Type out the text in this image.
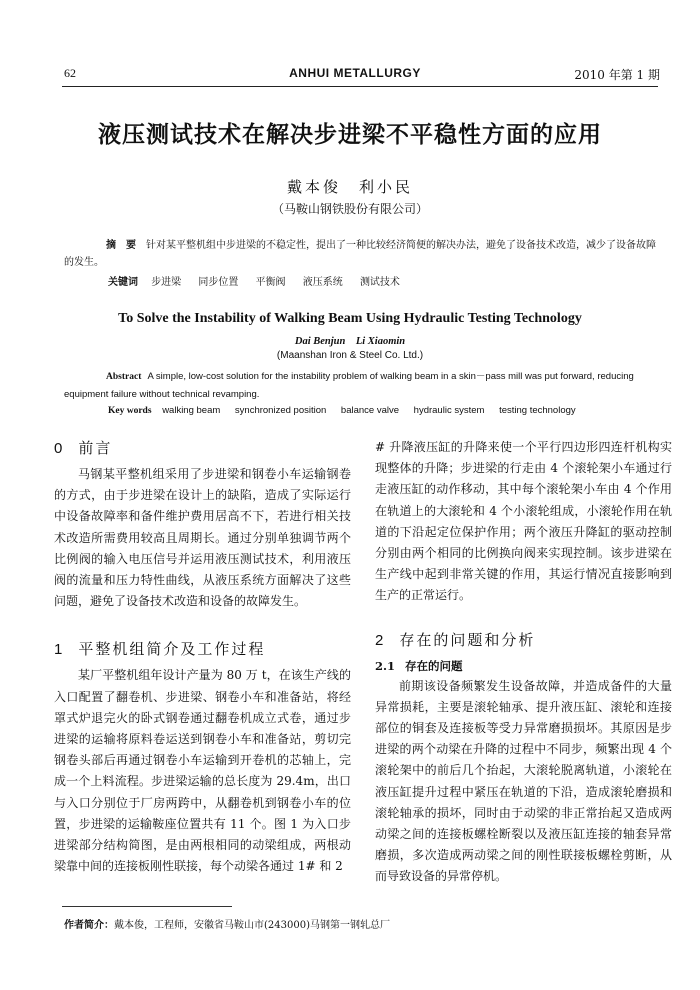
62	ANHUI METALLURGY	2010 年第 1 期
液压测试技术在解决步进梁不平稳性方面的应用
戴本俊　利小民
（马鞍山钢铁股份有限公司）
摘　要 针对某平整机组中步进梁的不稳定性，提出了一种比较经济简便的解决办法，避免了设备技术改造，减少了设备故障的发生。
关键词 步进梁 同步位置 平衡阀 液压系统 测试技术
To Solve the Instability of Walking Beam Using Hydraulic Testing Technology
Dai Benjun　Li Xiaomin
(Maanshan Iron & Steel Co. Ltd.)
Abstract A simple, low-cost solution for the instability problem of walking beam in a skin－pass mill was put forward, reducing equipment failure without technical revamping.
Key words walking beam synchronized position balance valve hydraulic system testing technology
0 前言

马钢某平整机组采用了步进梁和钢卷小车运输钢卷的方式，由于步进梁在设计上的缺陷，造成了实际运行中设备故障率和备件维护费用居高不下，若进行相关技术改造所需费用较高且周期长。通过分别单独调节两个比例阀的输入电压信号并运用液压测试技术，利用液压阀的流量和压力特性曲线，从液压系统方面解决了这些问题，避免了设备技术改造和设备的故障发生。

1 平整机组简介及工作过程

某厂平整机组年设计产量为 80 万 t，在该生产线的入口配置了翻卷机、步进梁、钢卷小车和准备站，将经罩式炉退完火的卧式钢卷通过翻卷机成立式卷，通过步进梁的运输将原料卷运送到钢卷小车和准备站，剪切完钢卷头部后再通过钢卷小车运输到开卷机的芯轴上，完成一个上料流程。步进梁运输的总长度为 29.4m，出口与入口分别位于厂房两跨中，从翻卷机到钢卷小车的位置，步进梁的运输鞍座位置共有 11 个。图 1 为入口步进梁部分结构简图，是由两根相同的动梁组成，两根动梁靠中间的连接板刚性联接，每个动梁各通过 1# 和 2

# 升降液压缸的升降来使一个平行四边形四连杆机构实现整体的升降；步进梁的行走由 4 个滚轮架小车通过行走液压缸的动作移动，其中每个滚轮架小车由 4 个作用在轨道上的大滚轮和 4 个小滚轮组成，小滚轮作用在轨道的下沿起定位保护作用；两个液压升降缸的驱动控制分别由两个相同的比例换向阀来实现控制。该步进梁在生产线中起到非常关键的作用，其运行情况直接影响到生产的正常运行。
2 存在的问题和分析
2.1 存在的问题

前期该设备频繁发生设备故障，并造成备件的大量异常损耗，主要是滚轮轴承、提升液压缸、滚轮和连接部位的铜套及连接板等受力异常磨损损坏。其原因是步进梁的两个动梁在升降的过程中不同步，频繁出现 4 个滚轮架中的前后几个抬起，大滚轮脱离轨道，小滚轮在液压缸提升过程中紧压在轨道的下沿，造成滚轮磨损和滚轮轴承的损坏，同时由于动梁的非正常抬起又造成两动梁之间的连接板螺栓断裂以及液压缸连接的轴套异常磨损，多次造成两动梁之间的刚性联接板螺栓剪断，从而导致设备的异常停机。

作者简介：戴本俊，工程师，安徽省马鞍山市(243000)马钢第一钢轧总厂
